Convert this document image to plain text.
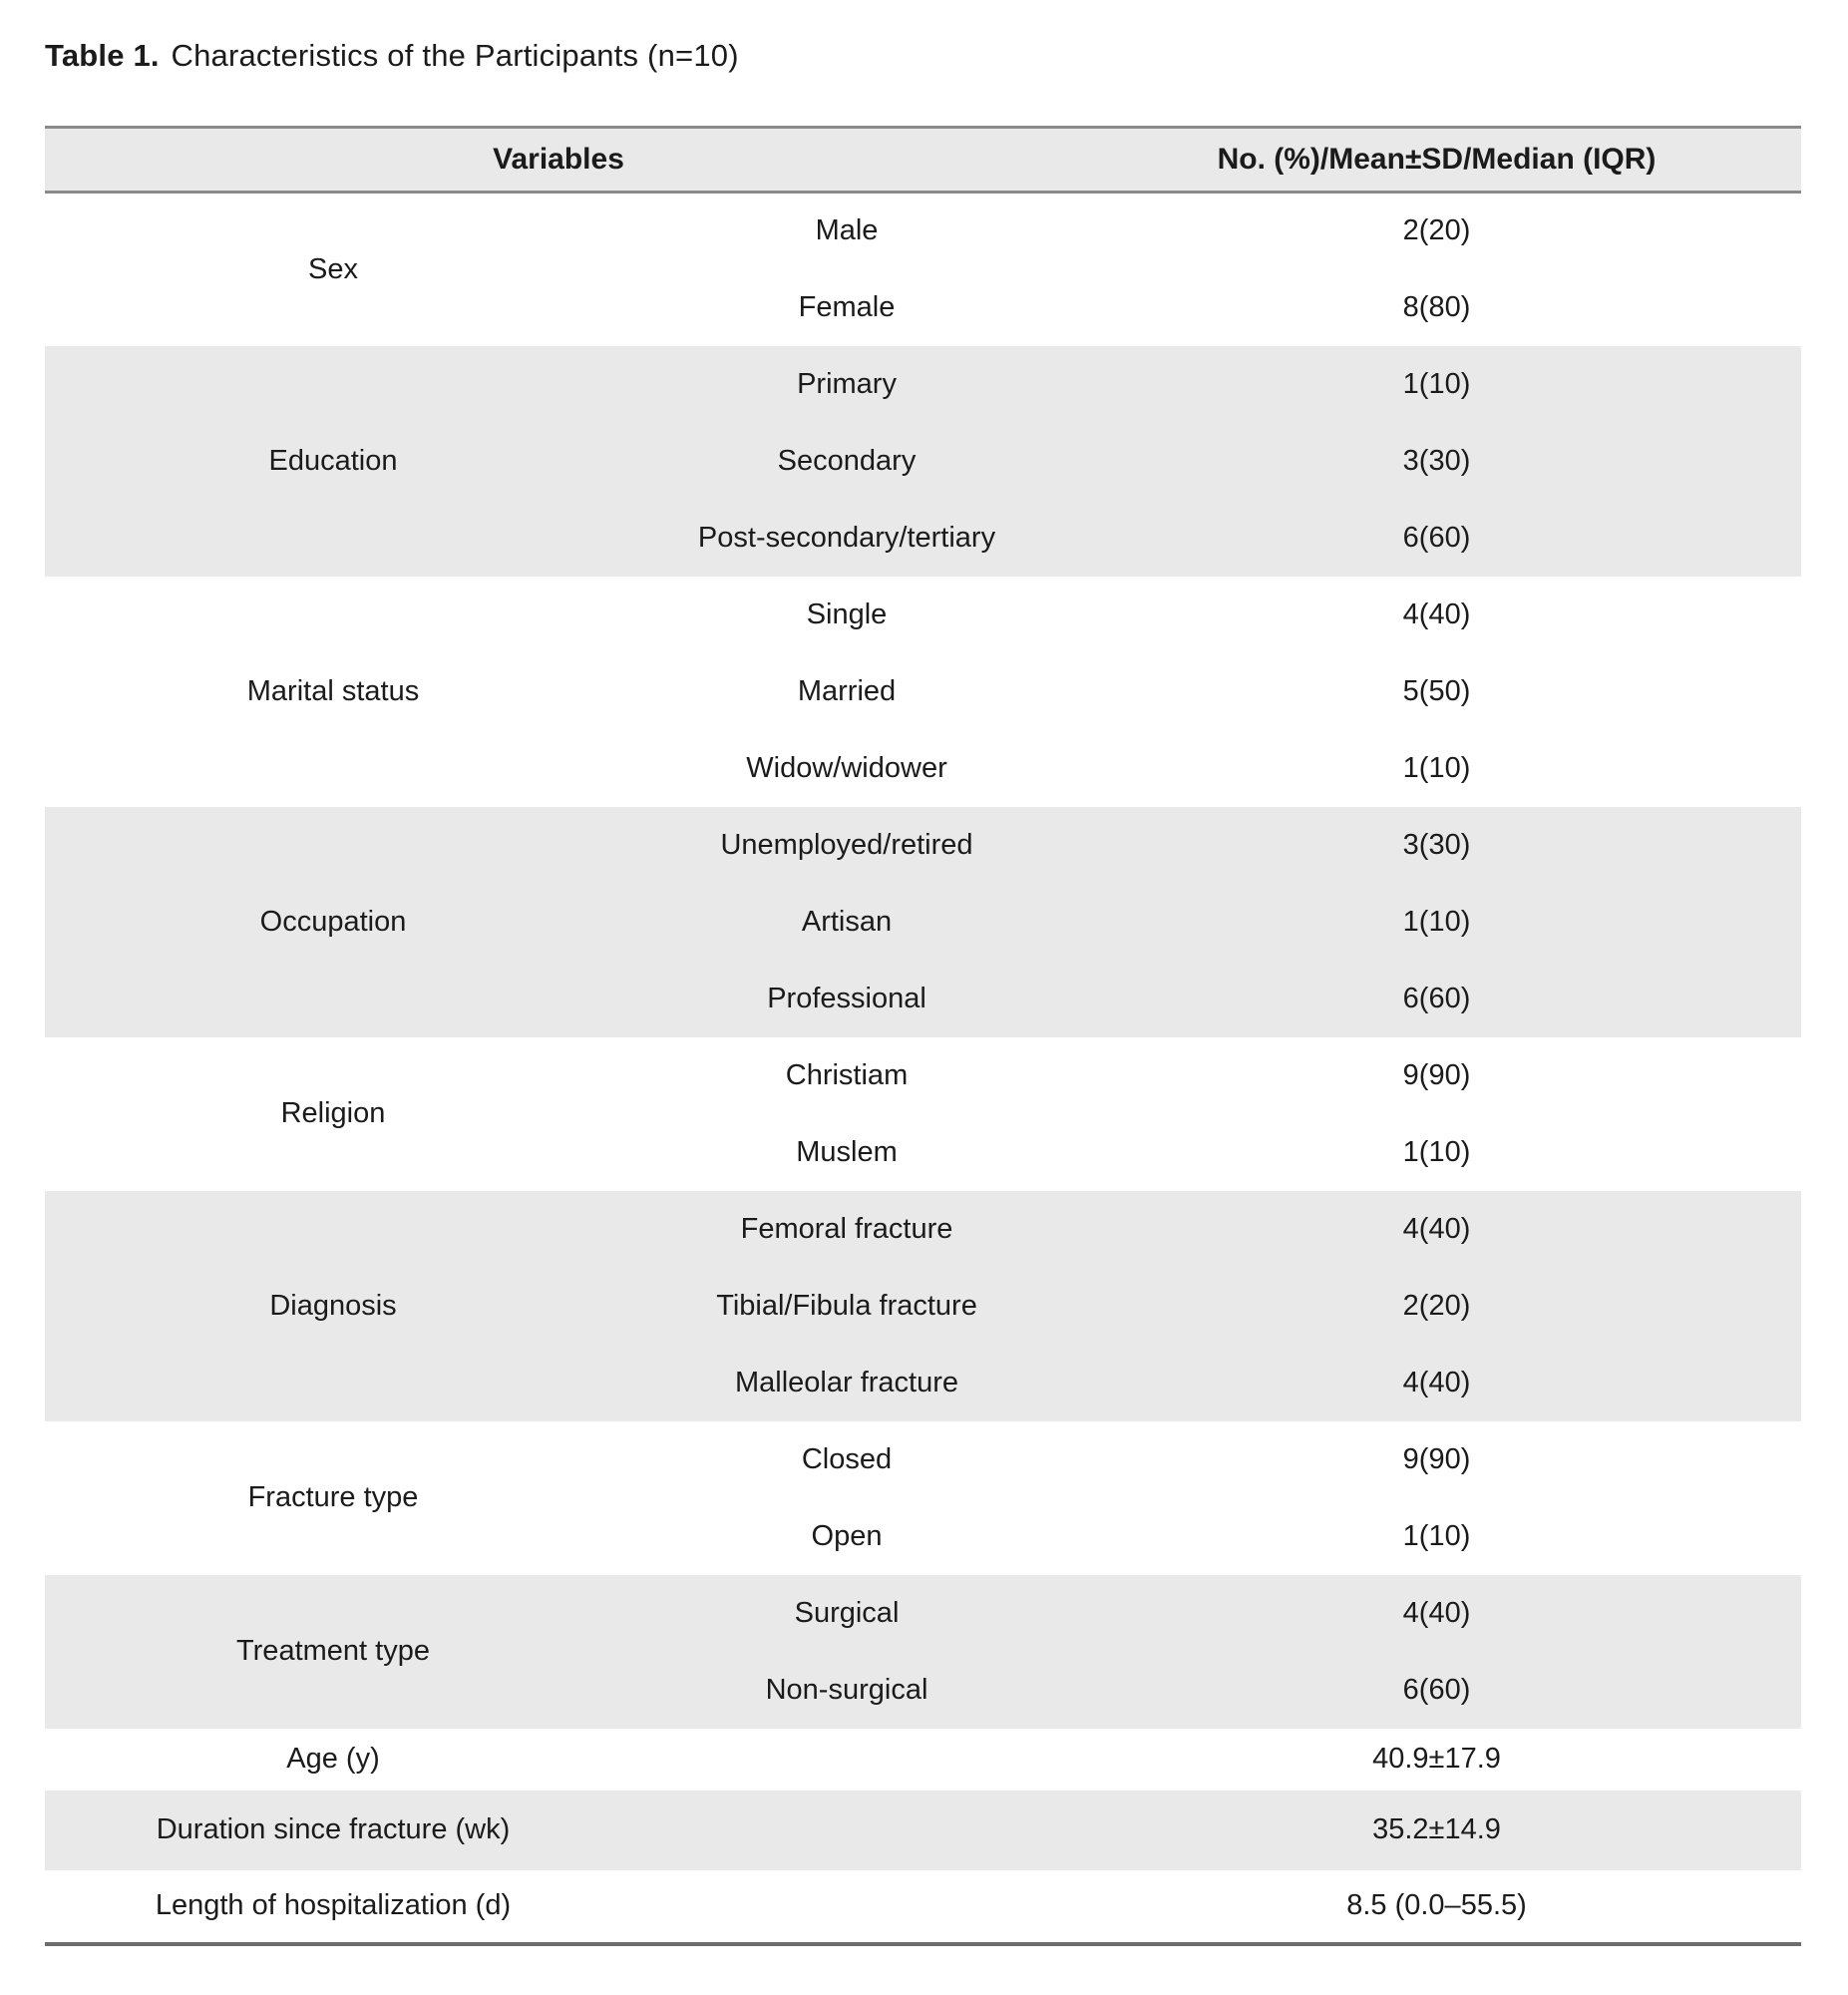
Table 1. Characteristics of the Participants (n=10)
Variables		No. (%)/Mean±SD/Median (IQR)
Sex	Male	2(20)
	Female	8(80)
Education	Primary	1(10)
	Secondary	3(30)
	Post-secondary/tertiary	6(60)
Marital status	Single	4(40)
	Married	5(50)
	Widow/widower	1(10)
Occupation	Unemployed/retired	3(30)
	Artisan	1(10)
	Professional	6(60)
Religion	Christiam	9(90)
	Muslem	1(10)
Diagnosis	Femoral fracture	4(40)
	Tibial/Fibula fracture	2(20)
	Malleolar fracture	4(40)
Fracture type	Closed	9(90)
	Open	1(10)
Treatment type	Surgical	4(40)
	Non-surgical	6(60)
Age (y)		40.9±17.9
Duration since fracture (wk)		35.2±14.9
Length of hospitalization (d)		8.5 (0.0–55.5)
